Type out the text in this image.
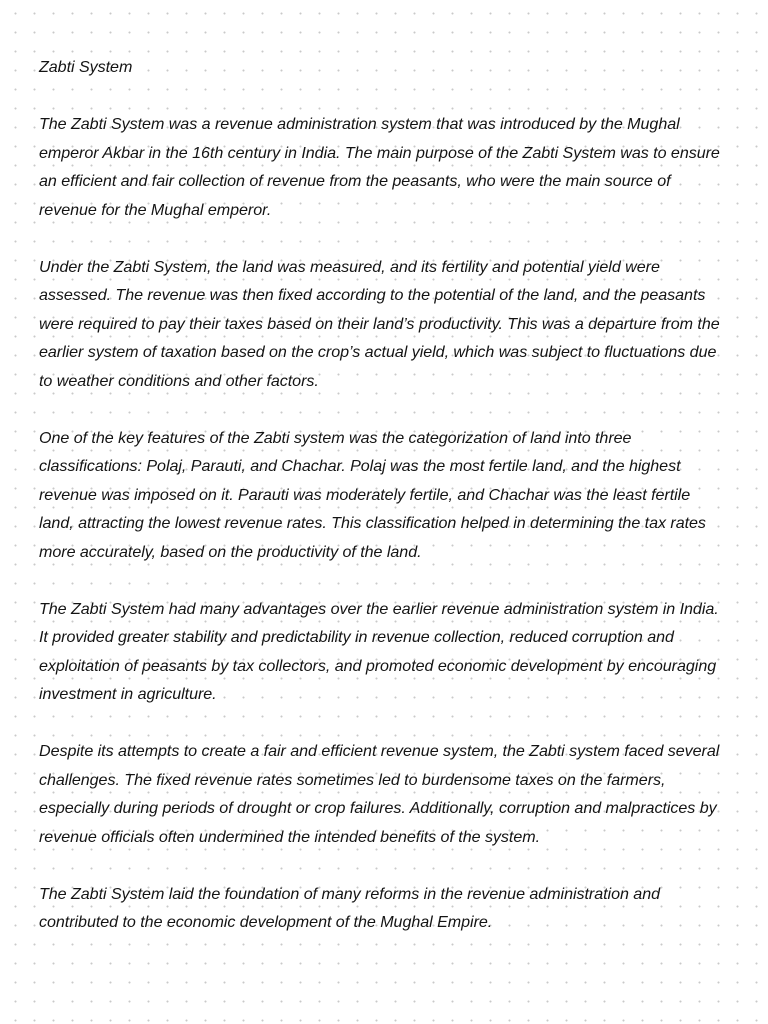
Zabti System

The Zabti System was a revenue administration system that was introduced by the Mughal emperor Akbar in the 16th century in India. The main purpose of the Zabti System was to ensure an efficient and fair collection of revenue from the peasants, who were the main source of revenue for the Mughal emperor.

Under the Zabti System, the land was measured, and its fertility and potential yield were assessed. The revenue was then fixed according to the potential of the land, and the peasants were required to pay their taxes based on their land’s productivity. This was a departure from the earlier system of taxation based on the crop’s actual yield, which was subject to fluctuations due to weather conditions and other factors.

One of the key features of the Zabti system was the categorization of land into three classifications: Polaj, Parauti, and Chachar. Polaj was the most fertile land, and the highest revenue was imposed on it. Parauti was moderately fertile, and Chachar was the least fertile land, attracting the lowest revenue rates. This classification helped in determining the tax rates more accurately, based on the productivity of the land.

The Zabti System had many advantages over the earlier revenue administration system in India. It provided greater stability and predictability in revenue collection, reduced corruption and exploitation of peasants by tax collectors, and promoted economic development by encouraging investment in agriculture.

Despite its attempts to create a fair and efficient revenue system, the Zabti system faced several challenges. The fixed revenue rates sometimes led to burdensome taxes on the farmers, especially during periods of drought or crop failures. Additionally, corruption and malpractices by revenue officials often undermined the intended benefits of the system.

The Zabti System laid the foundation of many reforms in the revenue administration and contributed to the economic development of the Mughal Empire.
